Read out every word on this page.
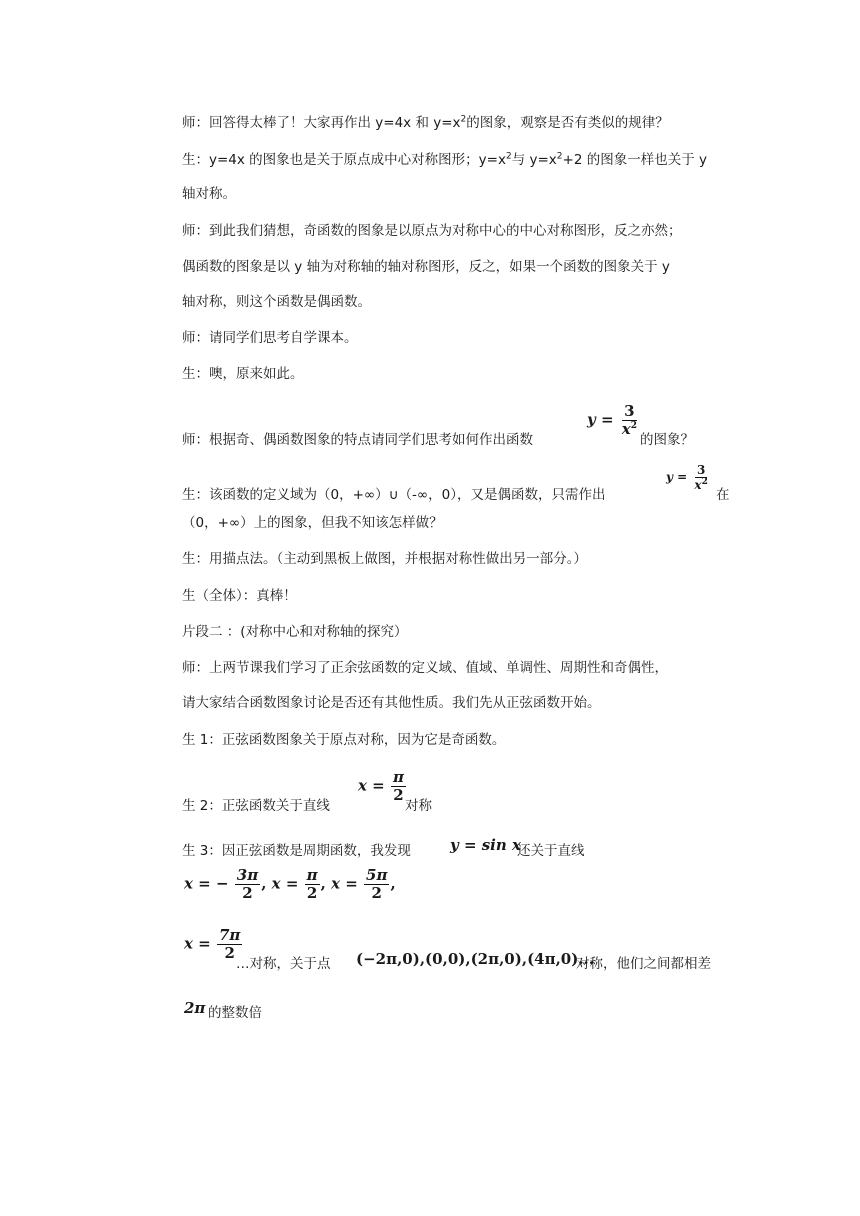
师：回答得太棒了！大家再作出 y=4x 和 $y=x^2$的图象，观察是否有类似的规律？
生：y=4x 的图象也是关于原点成中心对称图形；$y=x^2$与 $y=x^2+2$ 的图象一样也关于 y
轴对称。
师：到此我们猜想，奇函数的图象是以原点为对称中心的中心对称图形，反之亦然；
偶函数的图象是以 y 轴为对称轴的轴对称图形，反之，如果一个函数的图象关于 y
轴对称，则这个函数是偶函数。
师：请同学们思考自学课本。
生：噢，原来如此。
师：根据奇、偶函数图象的特点请同学们思考如何作出函数
$y = \frac{3}{x^2}$
的图象？
生：该函数的定义域为（0，+∞）∪（-∞，0），又是偶函数，只需作出
$y = \frac{3}{x^2}$
在
（0，+∞）上的图象，但我不知该怎样做？
生：用描点法。（主动到黑板上做图，并根据对称性做出另一部分。）
生（全体）：真棒！
片段二 ：(对称中心和对称轴的探究）
师：上两节课我们学习了正余弦函数的定义域、值域、单调性、周期性和奇偶性，
请大家结合函数图象讨论是否还有其他性质。我们先从正弦函数开始。
生 1：正弦函数图象关于原点对称，因为它是奇函数。
生 2：正弦函数关于直线
$x = \frac{\pi}{2}$
对称
生 3：因正弦函数是周期函数，我发现	y = sin x
还关于直线
x = − $\frac{3\pi}{2}$ , $x = \frac{\pi}{2}$ , $x = \frac{5\pi}{2}$ ,
$x = \frac{7\pi}{2}$
…对称，关于点 (−2π,0),(0,0),(2π,0),(4π,0)...
对称，他们之间都相差
2π 的整数倍
